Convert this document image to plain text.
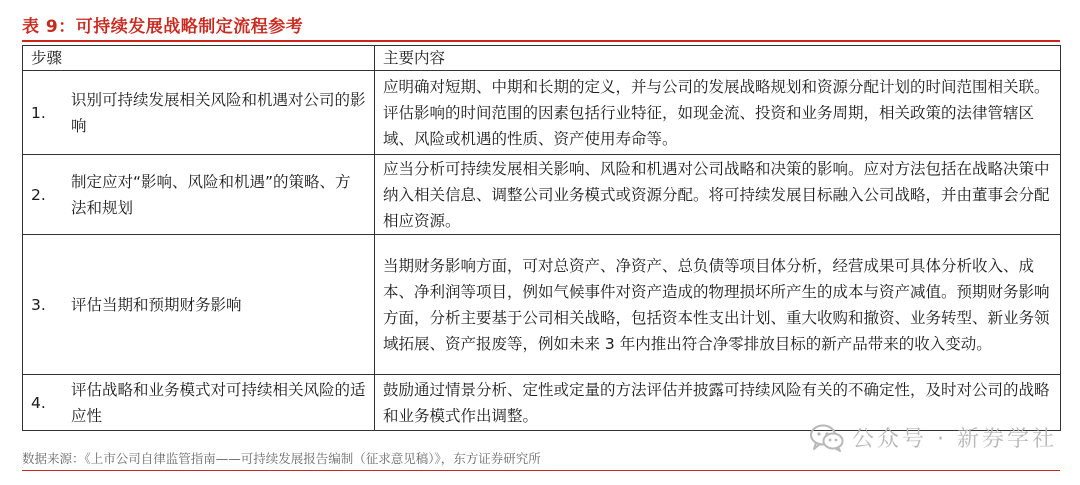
表 9：可持续发展战略制定流程参考
步骤	主要内容

1.
识别可持续发展相关风险和机遇对公司的影响	应明确对短期、中期和长期的定义，并与公司的发展战略规划和资源分配计划的时间范围相关联。评估影响的时间范围的因素包括行业特征，如现金流、投资和业务周期，相关政策的法律管辖区域、风险或机遇的性质、资产使用寿命等。

2.
制定应对“影响、风险和机遇”的策略、方法和规划	应当分析可持续发展相关影响、风险和机遇对公司战略和决策的影响。应对方法包括在战略决策中纳入相关信息、调整公司业务模式或资源分配。将可持续发展目标融入公司战略，并由董事会分配相应资源。

3. 评估当期和预期财务影响	当期财务影响方面，可对总资产、净资产、总负债等项目体分析，经营成果可具体分析收入、成本、净利润等项目，例如气候事件对资产造成的物理损坏所产生的成本与资产减值。预期财务影响方面，分析主要基于公司相关战略，包括资本性支出计划、重大收购和撤资、业务转型、新业务领域拓展、资产报废等，例如未来 3 年内推出符合净零排放目标的新产品带来的收入变动。

4.
评估战略和业务模式对可持续相关风险的适应性	鼓励通过情景分析、定性或定量的方法评估并披露可持续风险有关的不确定性，及时对公司的战略和业务模式作出调整。
公众号 · 新券学社
数据来源：《上市公司自律监管指南——可持续发展报告编制（征求意见稿）》，东方证券研究所
